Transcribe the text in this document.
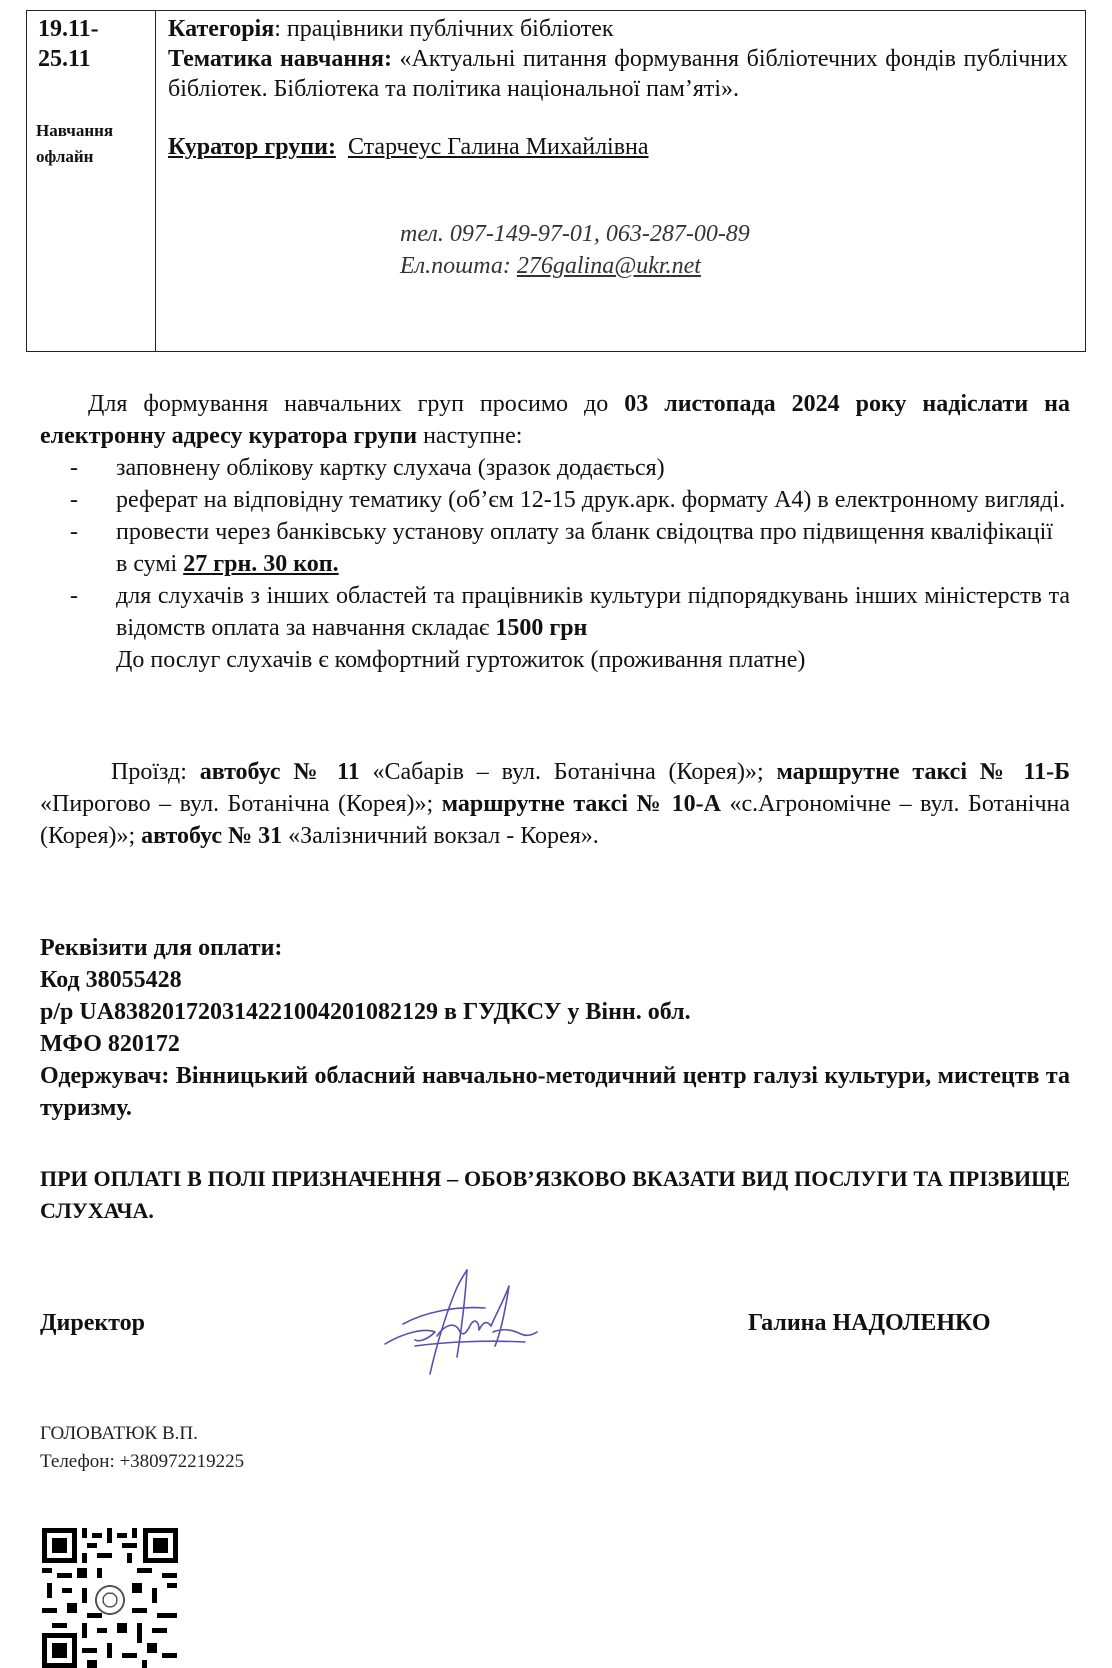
19.11-
25.11
Навчання
офлайн

Категорія: працівники публічних бібліотек

Тематика навчання: «Актуальні питання формування бібліотечних фондів публічних бібліотек. Бібліотека та політика національної пам’яті».

Куратор групи: Старчеус Галина Михайлівна

тел. 097-149-97-01, 063-287-00-89
Ел.пошта: 276galina@ukr.net

Для формування навчальних груп просимо до 03 листопада 2024 року надіслати на електронну адресу куратора групи наступне:

- заповнену облікову картку слухача (зразок додається)
- реферат на відповідну тематику (об’єм 12-15 друк.арк. формату А4) в електронному вигляді.
- провести через банківську установу оплату за бланк свідоцтва про підвищення кваліфікації в сумі 27 грн. 30 коп.
- для слухачів з інших областей та працівників культури підпорядкувань інших міністерств та відомств оплата за навчання складає 1500 грн

До послуг слухачів є комфортний гуртожиток (проживання платне)

Проїзд: автобус № 11 «Сабарів – вул. Ботанічна (Корея)»; маршрутне таксі № 11-Б «Пирогово – вул. Ботанічна (Корея)»; маршрутне таксі № 10-А «с.Агрономічне – вул. Ботанічна (Корея)»; автобус № 31 «Залізничний вокзал - Корея».

Реквізити для оплати:

Код 38055428

р/р UA838201720314221004201082129 в ГУДКСУ у Вінн. обл.

МФО 820172

Одержувач: Вінницький обласний навчально-методичний центр галузі культури, мистецтв та туризму.

ПРИ ОПЛАТІ В ПОЛІ ПРИЗНАЧЕННЯ – ОБОВ’ЯЗКОВО ВКАЗАТИ ВИД ПОСЛУГИ ТА ПРІЗВИЩЕ СЛУХАЧА.

Директор	Галина НАДОЛЕНКО

ГОЛОВАТЮК В.П.

Телефон: +380972219225
